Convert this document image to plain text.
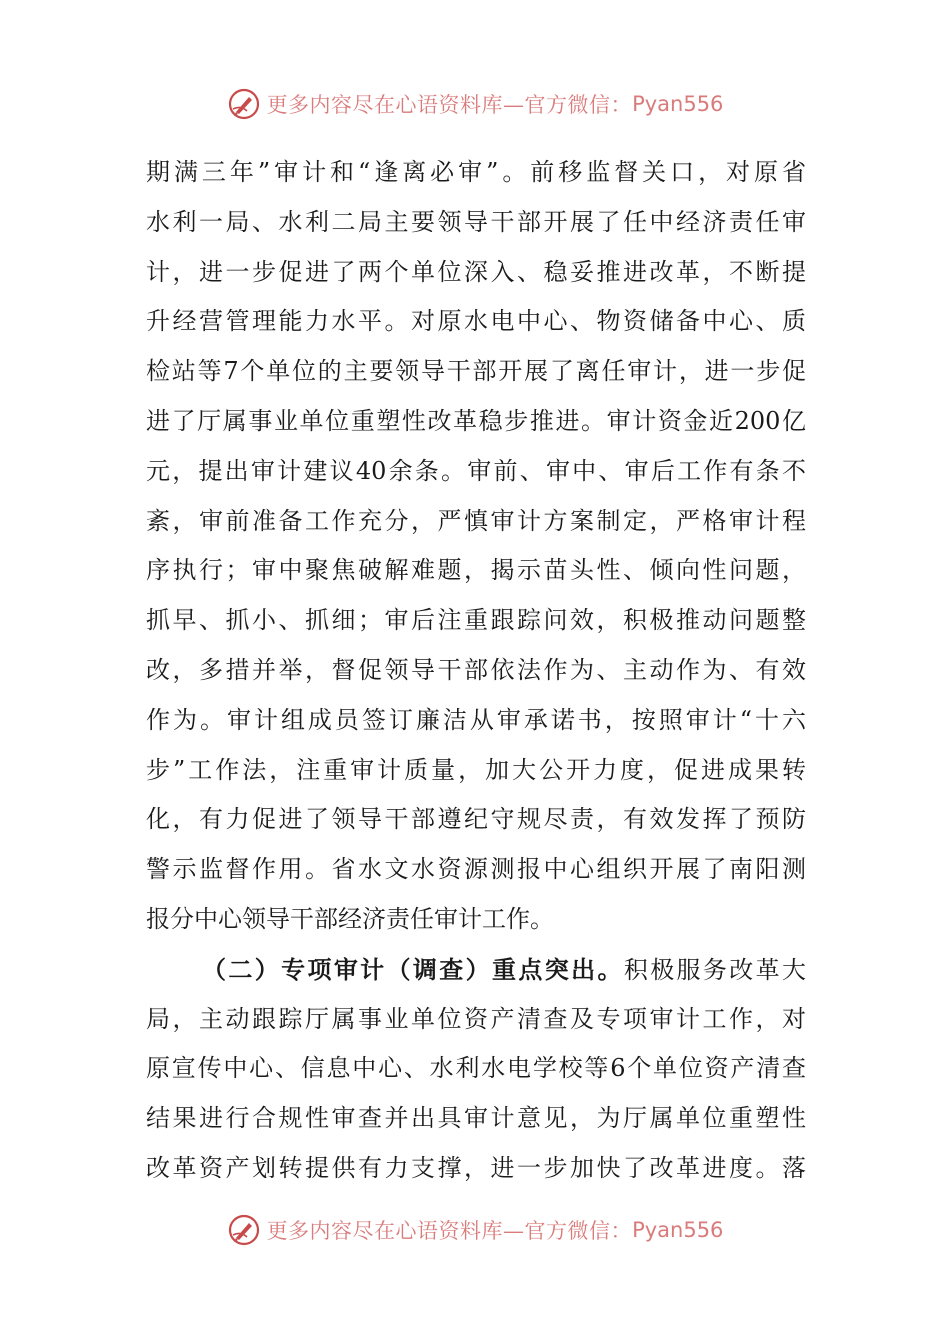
更多内容尽在心语资料库—官方微信： Pyan556
期满三年”审计和“逢离必审”。前移监督关口，对原省
水利一局、水利二局主要领导干部开展了任中经济责任审
计，进一步促进了两个单位深入、稳妥推进改革，不断提
升经营管理能力水平。对原水电中心、物资储备中心、质
检站等7个单位的主要领导干部开展了离任审计，进一步促
进了厅属事业单位重塑性改革稳步推进。审计资金近200亿
元，提出审计建议40余条。审前、审中、审后工作有条不
紊，审前准备工作充分，严慎审计方案制定，严格审计程
序执行；审中聚焦破解难题，揭示苗头性、倾向性问题，
抓早、抓小、抓细；审后注重跟踪问效，积极推动问题整
改，多措并举，督促领导干部依法作为、主动作为、有效
作为。审计组成员签订廉洁从审承诺书，按照审计“十六
步”工作法，注重审计质量，加大公开力度，促进成果转
化，有力促进了领导干部遵纪守规尽责，有效发挥了预防
警示监督作用。省水文水资源测报中心组织开展了南阳测
报分中心领导干部经济责任审计工作。
（二）专项审计（调查）重点突出。积极服务改革大
局，主动跟踪厅属事业单位资产清查及专项审计工作，对
原宣传中心、信息中心、水利水电学校等6个单位资产清查
结果进行合规性审查并出具审计意见，为厅属单位重塑性
改革资产划转提供有力支撑，进一步加快了改革进度。落
更多内容尽在心语资料库—官方微信： Pyan556
